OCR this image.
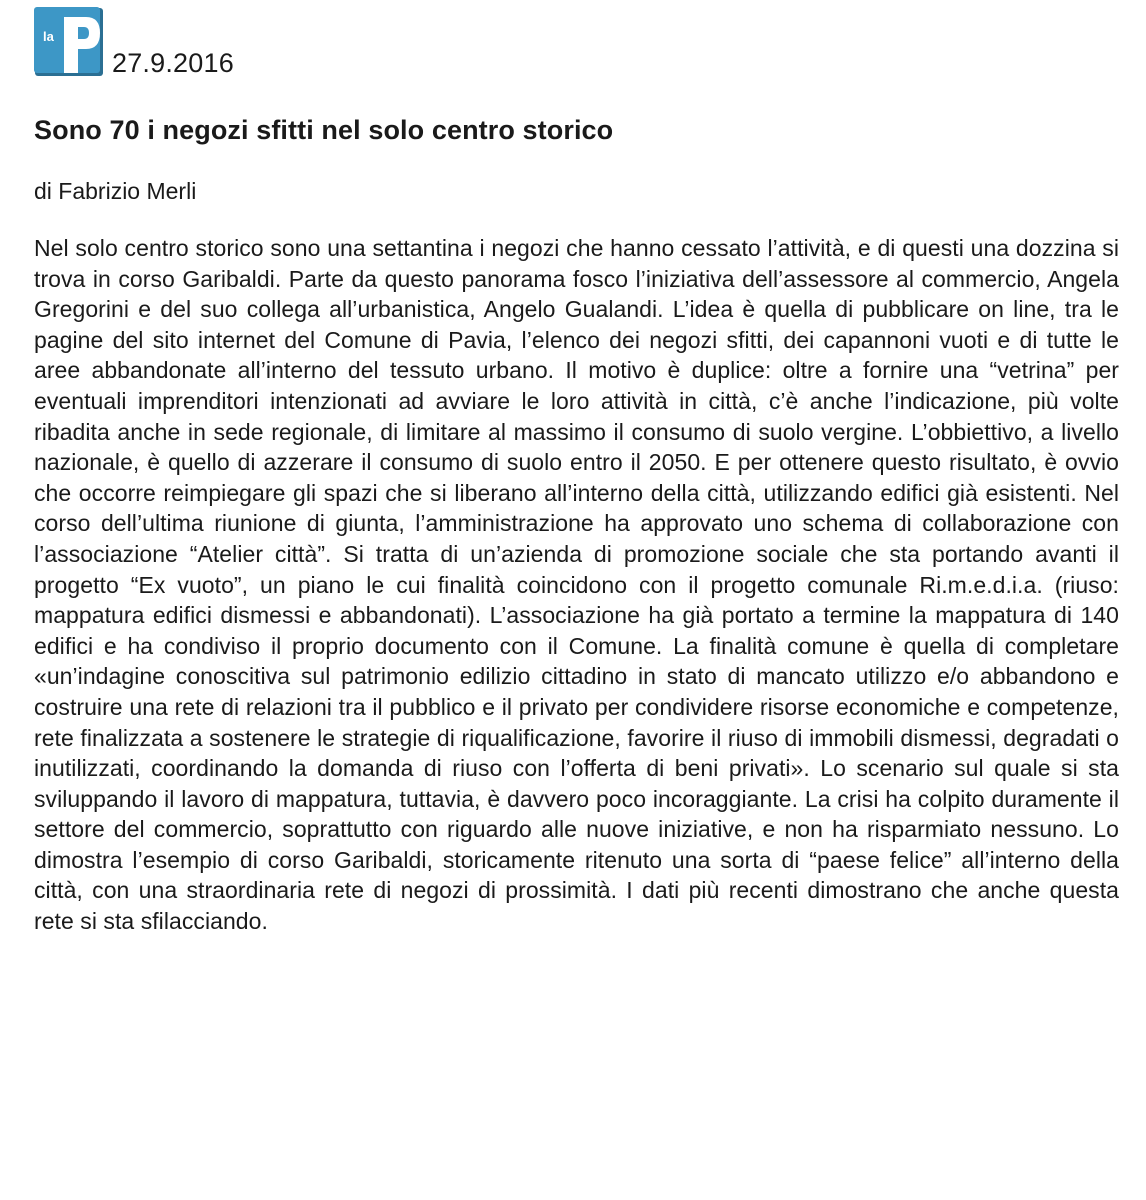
la
27.9.2016
Sono 70 i negozi sfitti nel solo centro storico

di Fabrizio Merli

Nel solo centro storico sono una settantina i negozi che hanno cessato l’attività, e di questi una dozzina si trova in corso Garibaldi. Parte da questo panorama fosco l’iniziativa dell’assessore al commercio, Angela Gregorini e del suo collega all’urbanistica, Angelo Gualandi. L’idea è quella di pubblicare on line, tra le pagine del sito internet del Comune di Pavia, l’elenco dei negozi sfitti, dei capannoni vuoti e di tutte le aree abbandonate all’interno del tessuto urbano. Il motivo è duplice: oltre a fornire una “vetrina” per eventuali imprenditori intenzionati ad avviare le loro attività in città, c’è anche l’indicazione, più volte ribadita anche in sede regionale, di limitare al massimo il consumo di suolo vergine. L’obbiettivo, a livello nazionale, è quello di azzerare il consumo di suolo entro il 2050. E per ottenere questo risultato, è ovvio che occorre reimpiegare gli spazi che si liberano all’interno della città, utilizzando edifici già esistenti. Nel corso dell’ultima riunione di giunta, l’amministrazione ha approvato uno schema di collaborazione con l’associazione “Atelier città”. Si tratta di un’azienda di promozione sociale che sta portando avanti il progetto “Ex vuoto”, un piano le cui finalità coincidono con il progetto comunale Ri.m.e.d.i.a. (riuso: mappatura edifici dismessi e abbandonati). L’associazione ha già portato a termine la mappatura di 140 edifici e ha condiviso il proprio documento con il Comune. La finalità comune è quella di completare «un’indagine conoscitiva sul patrimonio edilizio cittadino in stato di mancato utilizzo e/o abbandono e costruire una rete di relazioni tra il pubblico e il privato per condividere risorse economiche e competenze, rete finalizzata a sostenere le strategie di riqualificazione, favorire il riuso di immobili dismessi, degradati o inutilizzati, coordinando la domanda di riuso con l’offerta di beni privati». Lo scenario sul quale si sta sviluppando il lavoro di mappatura, tuttavia, è davvero poco incoraggiante. La crisi ha colpito duramente il settore del commercio, soprattutto con riguardo alle nuove iniziative, e non ha risparmiato nessuno. Lo dimostra l’esempio di corso Garibaldi, storicamente ritenuto una sorta di “paese felice” all’interno della città, con una straordinaria rete di negozi di prossimità. I dati più recenti dimostrano che anche questa rete si sta sfilacciando.
